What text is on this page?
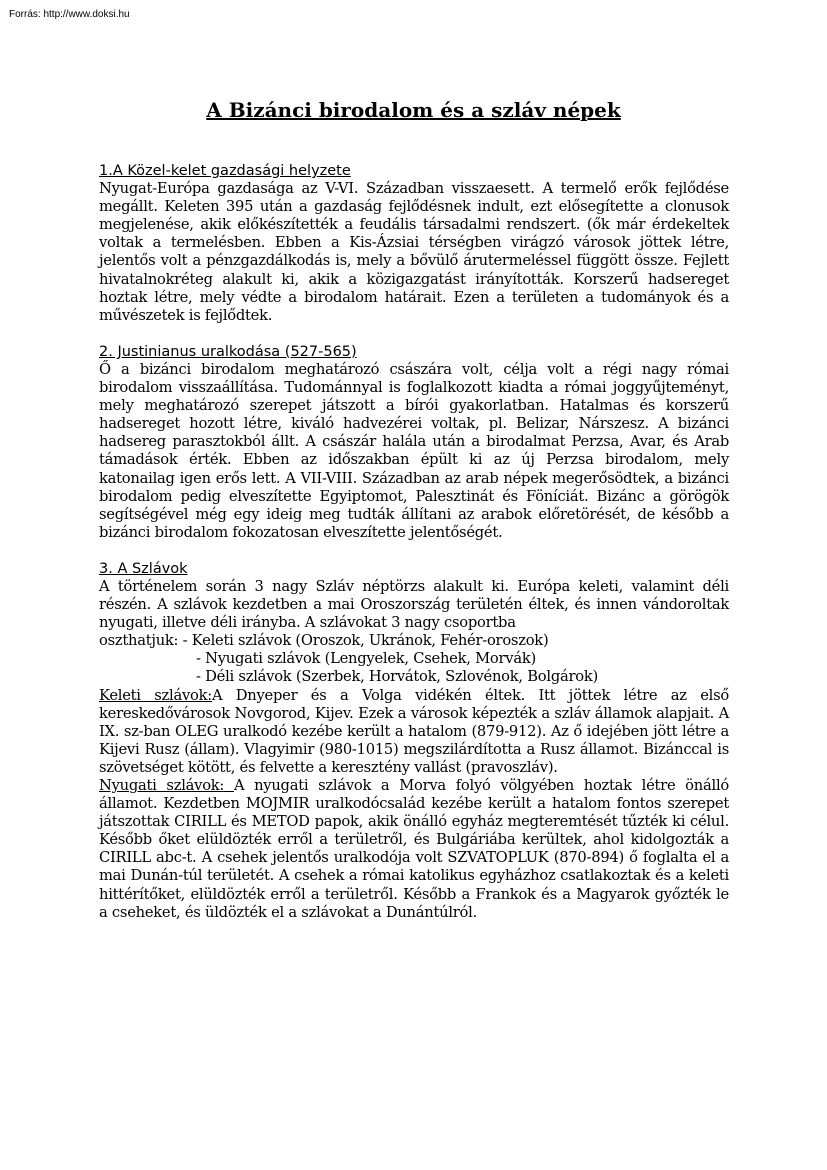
Forrás: http://www.doksi.hu
A Bizánci birodalom és a szláv népek
1.A Közel-kelet gazdasági helyzete

Nyugat-Európa gazdasága az V-VI. Században visszaesett. A termelő erők fejlődése megállt. Keleten 395 után a gazdaság fejlődésnek indult, ezt elősegítette a clonusok megjelenése, akik előkészítették a feudális társadalmi rendszert. (ők már érdekeltek voltak a termelésben. Ebben a Kis-Ázsiai térségben virágzó városok jöttek létre, jelentős volt a pénzgazdálkodás is, mely a bővülő árutermeléssel függött össze. Fejlett hivatalnokréteg alakult ki, akik a közigazgatást irányították. Korszerű hadsereget hoztak létre, mely védte a birodalom határait. Ezen a területen a tudományok és a művészetek is fejlődtek.

2. Justinianus uralkodása (527-565)

Ő a bizánci birodalom meghatározó császára volt, célja volt a régi nagy római birodalom visszaállítása. Tudománnyal is foglalkozott kiadta a római joggyűjteményt, mely meghatározó szerepet játszott a bírói gyakorlatban. Hatalmas és korszerű hadsereget hozott létre, kiváló hadvezérei voltak, pl. Belizar, Nárszesz. A bizánci hadsereg parasztokból állt. A császár halála után a birodalmat Perzsa, Avar, és Arab támadások érték. Ebben az időszakban épült ki az új Perzsa birodalom, mely katonailag igen erős lett. A VII-VIII. Században az arab népek megerősödtek, a bizánci birodalom pedig elveszítette Egyiptomot, Palesztinát és Föníciát. Bizánc a görögök segítségével még egy ideig meg tudták állítani az arabok előretörését, de később a bizánci birodalom fokozatosan elveszítette jelentőségét.

3. A Szlávok

A történelem során 3 nagy Szláv néptörzs alakult ki. Európa keleti, valamint déli részén. A szlávok kezdetben a mai Oroszország területén éltek, és innen vándoroltak nyugati, illetve déli irányba. A szlávokat 3 nagy csoportba

oszthatjuk: - Keleti szlávok (Oroszok, Ukránok, Fehér-oroszok)
- Nyugati szlávok (Lengyelek, Csehek, Morvák)
- Déli szlávok (Szerbek, Horvátok, Szlovénok, Bolgárok)

Keleti szlávok:A Dnyeper és a Volga vidékén éltek. Itt jöttek létre az első kereskedővárosok Novgorod, Kijev. Ezek a városok képezték a szláv államok alapjait. A IX. sz-ban OLEG uralkodó kezébe került a hatalom (879-912). Az ő idejében jött létre a Kijevi Rusz (állam). Vlagyimir (980-1015) megszilárdította a Rusz államot. Bizánccal is szövetséget kötött, és felvette a keresztény vallást (pravoszláv).

Nyugati szlávok: A nyugati szlávok a Morva folyó völgyében hoztak létre önálló államot. Kezdetben MOJMIR uralkodócsalád kezébe került a hatalom fontos szerepet játszottak CIRILL és METOD papok, akik önálló egyház megteremtését tűzték ki célul. Később őket elüldözték erről a területről, és Bulgáriába kerültek, ahol kidolgozták a CIRILL abc-t. A csehek jelentős uralkodója volt SZVATOPLUK (870-894) ő foglalta el a mai Dunán-túl területét. A csehek a római katolikus egyházhoz csatlakoztak és a keleti hittérítőket, elüldözték erről a területről. Később a Frankok és a Magyarok győzték le a cseheket, és üldözték el a szlávokat a Dunántúlról.
